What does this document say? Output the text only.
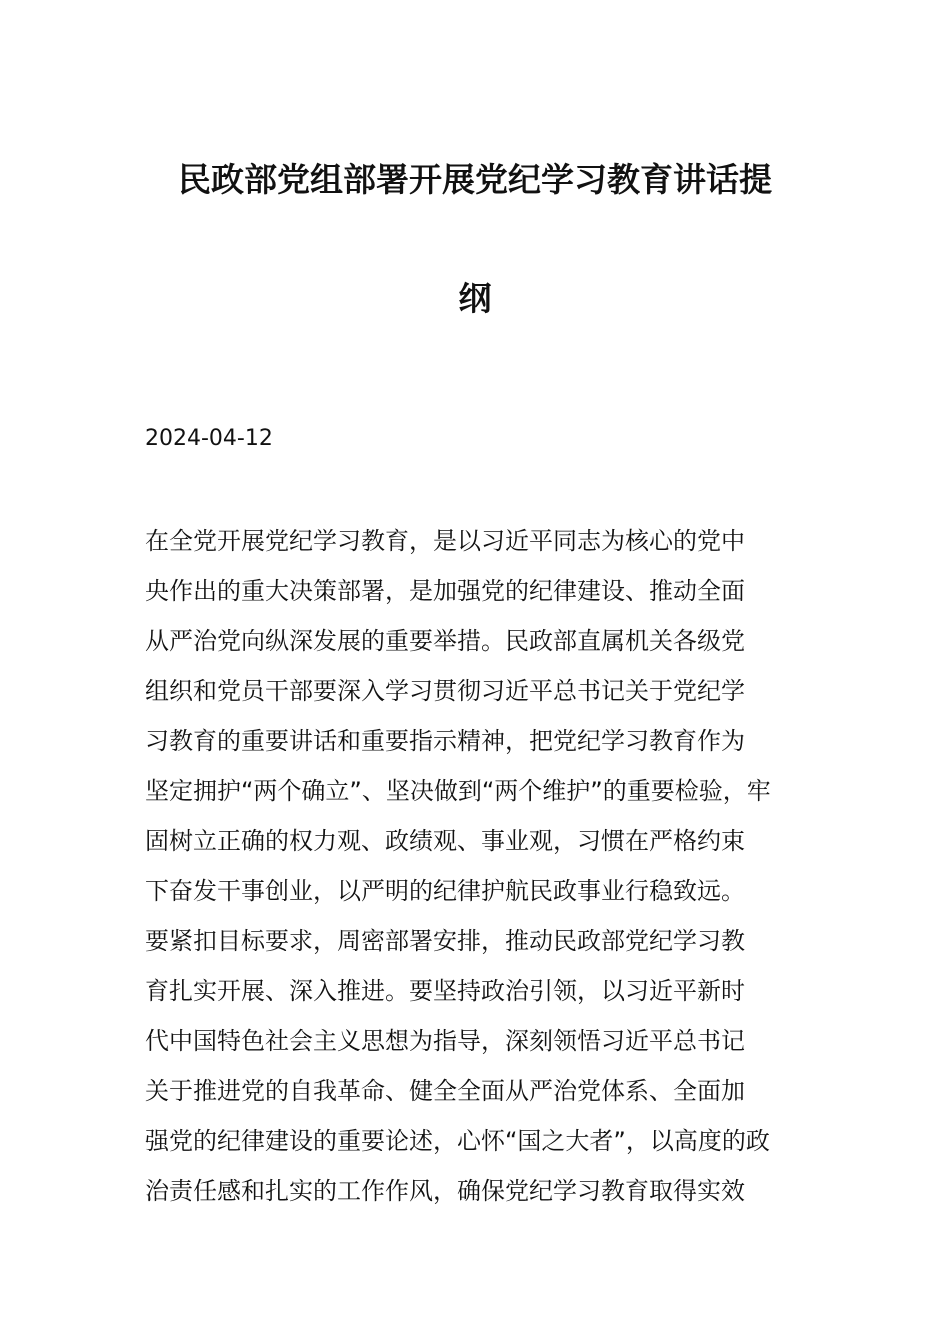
民政部党组部署开展党纪学习教育讲话提
纲

2024-04-12

在全党开展党纪学习教育，是以习近平同志为核心的党中

央作出的重大决策部署，是加强党的纪律建设、推动全面

从严治党向纵深发展的重要举措。民政部直属机关各级党

组织和党员干部要深入学习贯彻习近平总书记关于党纪学

习教育的重要讲话和重要指示精神，把党纪学习教育作为

坚定拥护“两个确立”、坚决做到“两个维护”的重要检验，牢

固树立正确的权力观、政绩观、事业观，习惯在严格约束

下奋发干事创业，以严明的纪律护航民政事业行稳致远。

要紧扣目标要求，周密部署安排，推动民政部党纪学习教

育扎实开展、深入推进。要坚持政治引领，以习近平新时

代中国特色社会主义思想为指导，深刻领悟习近平总书记

关于推进党的自我革命、健全全面从严治党体系、全面加

强党的纪律建设的重要论述，心怀“国之大者”，以高度的政

治责任感和扎实的工作作风，确保党纪学习教育取得实效
